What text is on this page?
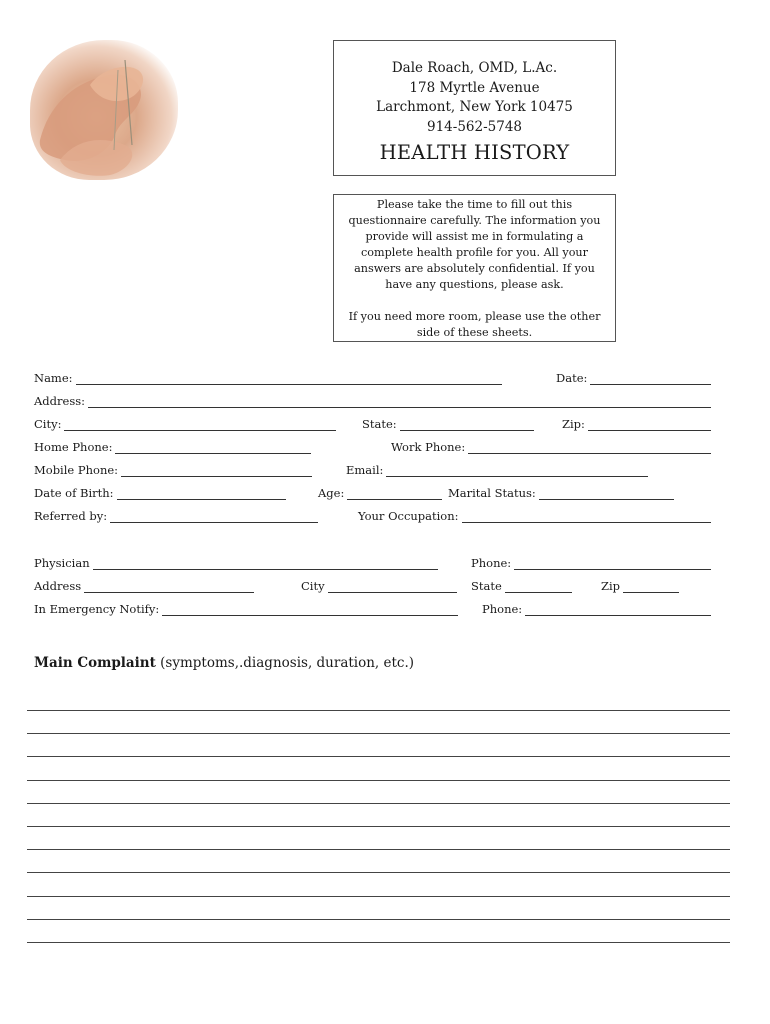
Dale Roach, OMD, L.Ac.
178 Myrtle Avenue
Larchmont, New York 10475
914-562-5748
HEALTH HISTORY
Please take the time to fill out this questionnaire carefully. The information you provide will assist me in formulating a complete health profile for you. All your answers are absolutely confidential. If you have any questions, please ask.
If you need more room, please use the other side of these sheets.
Name:	Date:
Address:
City:	State:	Zip:
Home Phone:	Work Phone:
Mobile Phone:	Email:
Date of Birth:	Age:	Marital Status:
Referred by:	Your Occupation:
Physician	Phone:
Address	City	State	Zip
In Emergency Notify:	Phone:
Main Complaint (symptoms,.diagnosis, duration, etc.)
